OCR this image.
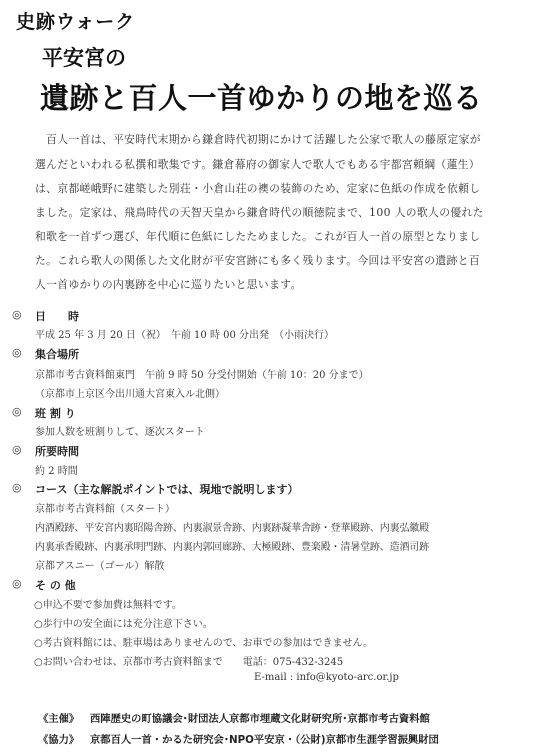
史跡ウォーク
平安宮の
遺跡と百人一首ゆかりの地を巡る
　百人一首は、平安時代末期から鎌倉時代初期にかけて活躍した公家で歌人の藤原定家が
選んだといわれる私撰和歌集です。鎌倉幕府の御家人で歌人でもある宇都宮頼綱（蓮生）
は、京都嵯峨野に建築した別荘・小倉山荘の襖の装飾のため、定家に色紙の作成を依頼し
ました。定家は、飛鳥時代の天智天皇から鎌倉時代の順徳院まで、100 人の歌人の優れた
和歌を一首ずつ選び、年代順に色紙にしたためました。これが百人一首の原型となりまし
た。これら歌人の関係した文化財が平安宮跡にも多く残ります。今回は平安宮の遺跡と百
人一首ゆかりの内裏跡を中心に巡りたいと思います。
◎ 日　　時
平成 25 年 3 月 20 日（祝）　午前 10 時 00 分出発　（小雨決行）
◎ 集合場所
京都市考古資料館東門　午前 9 時 50 分受付開始（午前 10：20 分まで）
（京都市上京区今出川通大宮東入ル北側）
◎ 班 割 り
参加人数を班割りして、逐次スタート
◎ 所要時間
約 2 時間
◎ コース（主な解説ポイントでは、現地で説明します）
京都市考古資料館（スタート）
内酒殿跡、平安宮内裏昭陽舎跡、内裏淑景舎跡、内裏跡凝華舎跡・登華殿跡、内裏弘徽殿
内裏承香殿跡、内裏承明門跡、内裏内郭回廊跡、大極殿跡、豊楽殿・清暑堂跡、造酒司跡
京都アスニー（ゴール）解散
◎ そ の 他
○申込不要で参加費は無料です。
○歩行中の安全面には充分注意下さい。
○考古資料館には、駐車場はありませんので、お車での参加はできません。
○お問い合わせは、京都市考古資料館まで　　電話：075-432-3245
E-mail : info@kyoto-arc.or.jp
《主催》 西陣歴史の町協議会･財団法人京都市埋蔵文化財研究所･京都市考古資料館
《協力》 京都百人一首・かるた研究会･NPO平安京・（公財)京都市生涯学習振興財団
